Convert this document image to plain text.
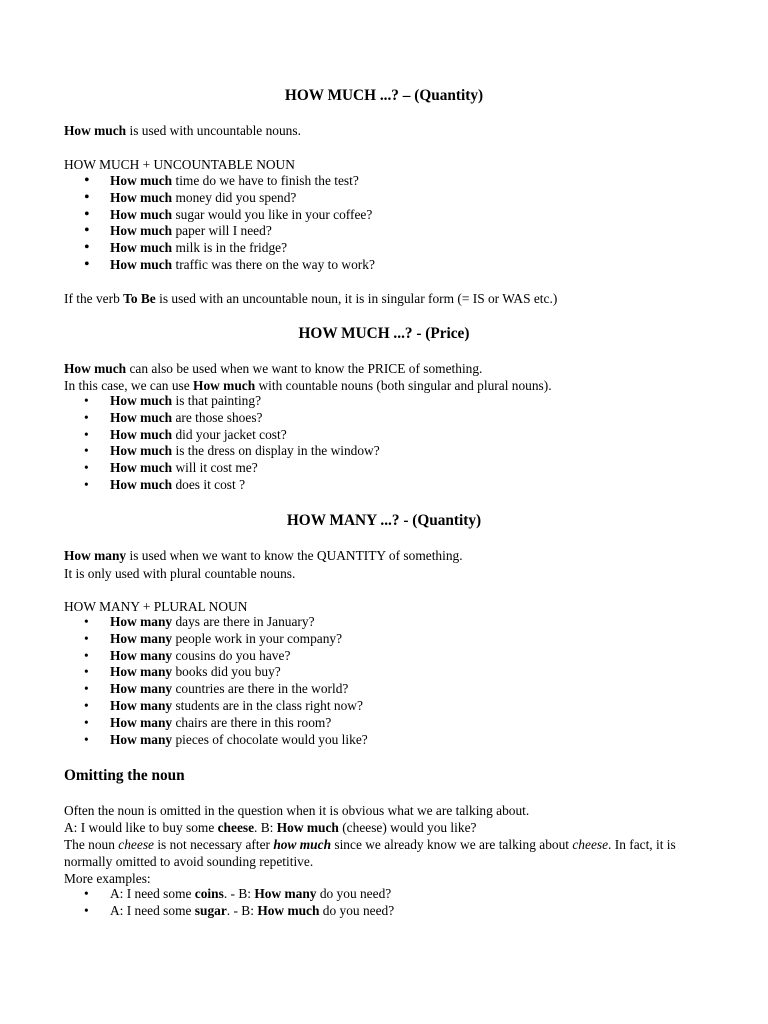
HOW MUCH ...? – (Quantity)
How much is used with uncountable nouns.
HOW MUCH + UNCOUNTABLE NOUN
• How much time do we have to finish the test?
• How much money did you spend?
• How much sugar would you like in your coffee?
• How much paper will I need?
• How much milk is in the fridge?
• How much traffic was there on the way to work?
If the verb To Be is used with an uncountable noun, it is in singular form (= IS or WAS etc.)
HOW MUCH ...? - (Price)
How much can also be used when we want to know the PRICE of something.
In this case, we can use How much with countable nouns (both singular and plural nouns).
• How much is that painting?
• How much are those shoes?
• How much did your jacket cost?
• How much is the dress on display in the window?
• How much will it cost me?
• How much does it cost ?
HOW MANY ...? - (Quantity)
How many is used when we want to know the QUANTITY of something.
It is only used with plural countable nouns.
HOW MANY + PLURAL NOUN
• How many days are there in January?
• How many people work in your company?
• How many cousins do you have?
• How many books did you buy?
• How many countries are there in the world?
• How many students are in the class right now?
• How many chairs are there in this room?
• How many pieces of chocolate would you like?
Omitting the noun
Often the noun is omitted in the question when it is obvious what we are talking about.
A: I would like to buy some cheese. B: How much (cheese) would you like?
The noun cheese is not necessary after how much since we already know we are talking about cheese. In fact, it is normally omitted to avoid sounding repetitive.
More examples:
• A: I need some coins. - B: How many do you need?
• A: I need some sugar. - B: How much do you need?
